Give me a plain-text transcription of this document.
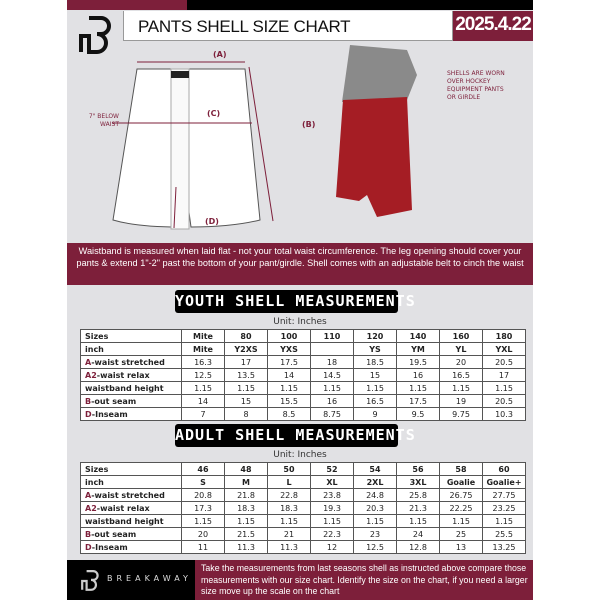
PANTS SHELL SIZE CHART	2025.4.22
(A)
(C)
(B)
(D)
7" BELOW WAIST
SHELLS ARE WORN OVER HOCKEY EQUIPMENT PANTS OR GIRDLE
Waistband is measured when laid flat - not your total waist circumference. The leg opening should cover your pants & extend 1"-2" past the bottom of your pant/girdle. Shell comes with an adjustable belt to cinch the waist
YOUTH SHELL MEASUREMENTS
Unit: Inches
Sizes	Mite	80	100	110	120	140	160	180
inch	Mite	Y2XS	YXS		YS	YM	YL	YXL
A-waist stretched	16.3	17	17.5	18	18.5	19.5	20	20.5
A2-waist relax	12.5	13.5	14	14.5	15	16	16.5	17
waistband height	1.15	1.15	1.15	1.15	1.15	1.15	1.15	1.15
B-out seam	14	15	15.5	16	16.5	17.5	19	20.5
D-Inseam	7	8	8.5	8.75	9	9.5	9.75	10.3
ADULT SHELL MEASUREMENTS
Unit: Inches
Sizes	46	48	50	52	54	56	58	60
inch	S	M	L	XL	2XL	3XL	Goalie	Goalie+
A-waist stretched	20.8	21.8	22.8	23.8	24.8	25.8	26.75	27.75
A2-waist relax	17.3	18.3	18.3	19.3	20.3	21.3	22.25	23.25
waistband height	1.15	1.15	1.15	1.15	1.15	1.15	1.15	1.15
B-out seam	20	21.5	21	22.3	23	24	25	25.5
D-Inseam	11	11.3	11.3	12	12.5	12.8	13	13.25
BREAKAWAY
Take the measurements from last seasons shell as instructed above compare those measurements with our size chart. Identify the size on the chart, if you need a larger size move up the scale on the chart
